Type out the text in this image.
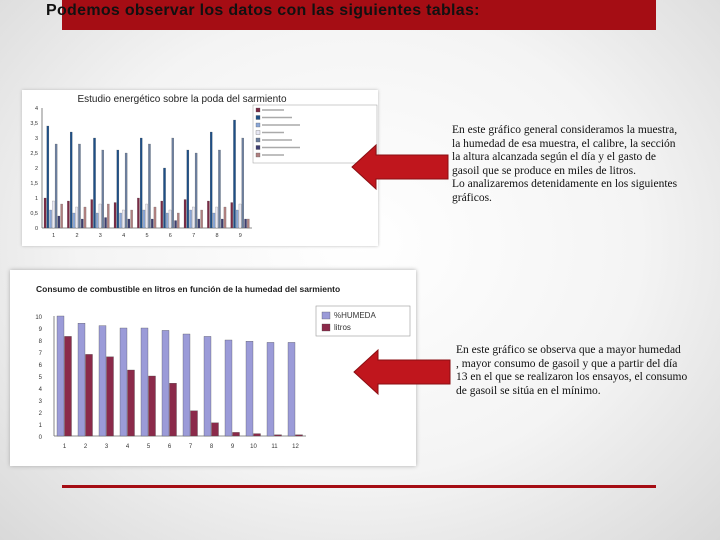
Podemos observar los datos con las siguientes tablas:
Estudio energético sobre la poda del sarmiento
0
0,5
1
1,5
2
2,5
3
3,5
4
1	2	3	4	5	6	7	8	9
Consumo de combustible en litros en función de la humedad del sarmiento
0
1
2
3
4
5
6
7
8
9
10
1	2	3	4	5	6	7	8	9	10 11 12
%HUMEDA
litros
En este gráfico general consideramos la muestra,
la humedad de esa muestra, el calibre, la sección
la altura alcanzada según el día y el gasto de
gasoil que se produce en miles de litros.
Lo analizaremos detenidamente en los siguientes
gráficos.
En este gráfico se observa que a mayor humedad
, mayor consumo de gasoil y que a partir del día
13 en el que se realizaron los ensayos, el consumo
de gasoil se sitúa en el mínimo.
